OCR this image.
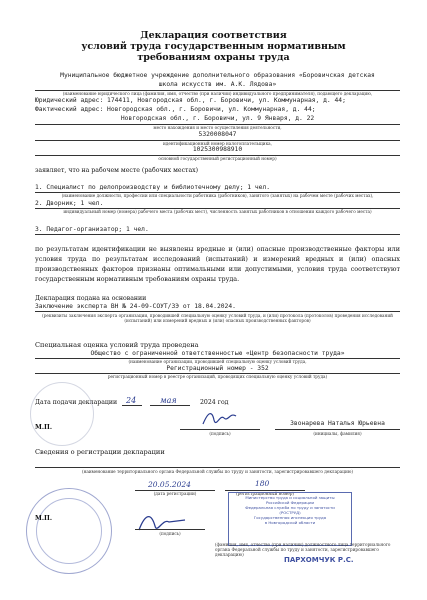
Декларация соответствия
условий труда государственным нормативным
требованиям охраны труда
Муниципальное бюджетное учреждение дополнительного образования «Боровичская детская
школа искусств им. А.К. Лядова»
(наименование юридического лица (фамилия, имя, отчество (при наличии) индивидуального предпринимателя), подающего декларацию,
Юридический адрес: 174411, Новгородская обл., г. Боровичи, ул. Коммунарная, д. 44;
Фактический адрес: Новгородская обл., г. Боровичи, ул. Коммунарная, д. 44;
Новгородская обл., г. Боровичи, ул. 9 Января, д. 22
место нахождения и место осуществления деятельности,
5320008047
идентификационный номер налогоплательщика,
1025300988910
основной государственный регистрационный номер)
заявляет, что на рабочем месте (рабочих местах)
1. Специалист по делопроизводству и библиотечному делу; 1 чел.
(наименование должности, профессии или специальности работника (работников), занятого (занятых) на рабочем месте (рабочих местах),
2. Дворник; 1 чел.
индивидуальный номер (номера) рабочего места (рабочих мест), численность занятых работников в отношении каждого рабочего места)
3. Педагог-организатор; 1 чел.
по результатам идентификации не выявлены вредные и (или) опасные производственные факторы или условия труда по результатам исследований (испытаний) и измерений вредных и (или) опасных производственных факторов признаны оптимальными или допустимыми, условия труда соответствуют государственным нормативным требованиям охраны труда.
Декларация подана на основании
Заключение эксперта ВН № 24-09-СОУТ/ЗЭ от 18.04.2024.
(реквизиты заключения эксперта организации, проводившей специальную оценку условий труда, и (или) протокола (протоколов) проведения исследований (испытаний) или измерений вредных и (или) опасных производственных факторов)
Специальная оценка условий труда проведена
Общество с ограниченной ответственностью «Центр безопасности труда»
(наименование организации, проводившей специальную оценку условий труда,
Регистрационный номер - 352
регистрационный номер в реестре организаций, проводящих специальную оценку условий труда)
Дата подачи декларации 24	мая	2024 год
М.П.
(подпись)
Звонарева Наталья Юрьевна
(инициалы, фамилия)
Сведения о регистрации декларации
(наименование территориального органа Федеральной службы по труду и занятости, зарегистрировавшего декларацию)
20.05.2024
(дата регистрации)
180
(регистрационный номер)
М.П.
(подпись)
Министерство труда и социальной защиты
Российской Федерации
Федеральная служба по труду и занятости
(РОСТРУД)
Государственная инспекция труда
в Новгородской области
(фамилия, имя, отчество (при наличии) должностного лица территориального органа Федеральной службы по труду и занятости, зарегистрировавшего декларацию)
ПАРХОМЧУК Р.С.
